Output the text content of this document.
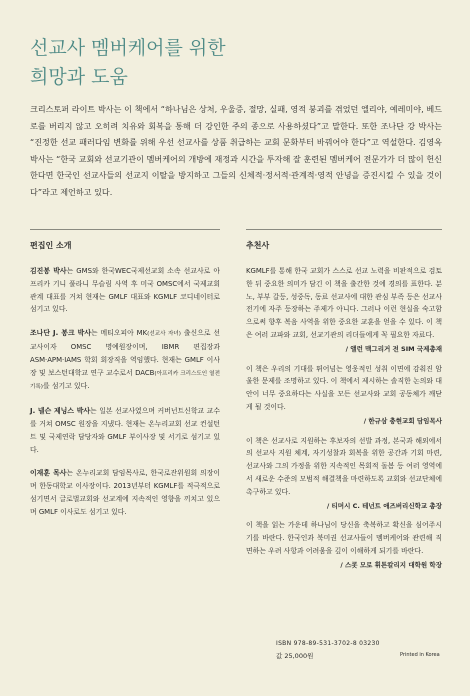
선교사 멤버케어를 위한
희망과 도움

크리스토퍼 라이트 박사는 이 책에서 “하나님은 상처, 우울증, 절망, 실패, 영적 붕괴를 겪었던 엘리야, 예레미야, 베드로를 버리지 않고 오히려 치유와 회복을 통해 더 강인한 주의 종으로 사용하셨다”고 말한다. 또한 조나단 강 박사는 “진정한 선교 패러다임 변화를 위해 우선 선교사를 상품 취급하는 교회 문화부터 바꿔어야 한다”고 역설한다. 김영옥 박사는 “한국 교회와 선교기관이 멤버케어의 개방에 재정과 시간을 투자해 잘 훈련된 멤버케어 전문가가 더 많이 헌신한다면 한국인 선교사들의 선교지 이탈을 방지하고 그들의 신체적·정서적·관계적·영적 안녕을 증진시킬 수 있을 것이다”라고 제언하고 있다.

편집인 소개	추천사

김진봉 박사는 GMS와 한국WEC국제선교회 소속 선교사로 아프리카 기니 풀라니 무슬림 사역 후 미국 OMSC에서 국제교회관계 대표를 거쳐 현재는 GMLF 대표와 KGMLF 코디네이터로 섬기고 있다.

조나단 J. 봉크 박사는 메티오피아 MK(선교사 자녀) 출신으로 선교사이자 OMSC 명예원장이며, IBMR 편집장과 ASM·APM·IAMS 학회 회장직을 역임했다. 현재는 GMLF 이사장 및 보스턴대학교 연구 교수로서 DACB(아프리카 크리스도인 열전 기록)를 섬기고 있다.

J. 넬슨 제닝스 박사는 일본 선교사였으며 커버넌트신학교 교수를 거쳐 OMSC 원장을 지냈다. 현재는 온누리교회 선교 컨설턴트 및 국제연락 담당자와 GMLF 부이사장 및 서기로 섬기고 있다.

이재훈 목사는 온누리교회 담임목사로, 한국로잔위원회 의장이며 한동대학교 이사장이다. 2013년부터 KGMLF를 적극적으로 섬기면서 글로벌교회와 선교계에 지속적인 영향을 끼치고 있으며 GMLF 이사로도 섬기고 있다.

KGMLF를 통해 한국 교회가 스스로 선교 노력을 비판적으로 검토한 뒤 중요한 의미가 담긴 이 책을 출간한 것에 경의를 표한다. 분노, 부부 갈등, 성중독, 동료 선교사에 대한 관심 부족 등은 선교사 전기에 자주 등장하는 주제가 아니다. 그러나 이런 현실을 숙고함으로써 향후 복음 사역을 위한 중요한 교훈을 얻을 수 있다. 이 책은 여러 교파와 교회, 선교기관의 리더들에게 꼭 필요한 자료다.
/ 앨런 맥그리거 전 SIM 국제총재
이 책은 우리의 기대를 뛰어넘는 영웅적인 성취 이면에 감춰진 암울한 문제를 조명하고 있다. 이 책에서 제시하는 솔직한 논의와 대안이 너무 중요하다는 사실을 모든 선교사와 교회 공동체가 깨닫게 될 것이다.
/ 한규삼 충현교회 담임목사
이 책은 선교사로 지원하는 후보자의 선발 과정, 본국과 해외에서의 선교사 지원 체계, 자기성찰과 회복을 위한 공간과 기회 마련, 선교사와 그의 가정을 위한 지속적인 목회적 돌봄 등 여러 영역에서 새로운 수준의 모범적 해결책을 마련하도록 교회와 선교단체에 촉구하고 있다.
/ 티머시 C. 테넌트 애즈버리신학교 총장
이 책을 읽는 가운데 하나님이 당신을 축복하고 확신을 심어주시기를 바란다. 한국인과 북미권 선교사들이 멤버케어와 관련해 직면하는 우려 사항과 어려움을 깊이 이해하게 되기를 바란다.
/ 스콧 모로 휘튼칼리지 대학원 학장
ISBN 978-89-531-3702-8 03230
값 25,000원	Printed in Korea
